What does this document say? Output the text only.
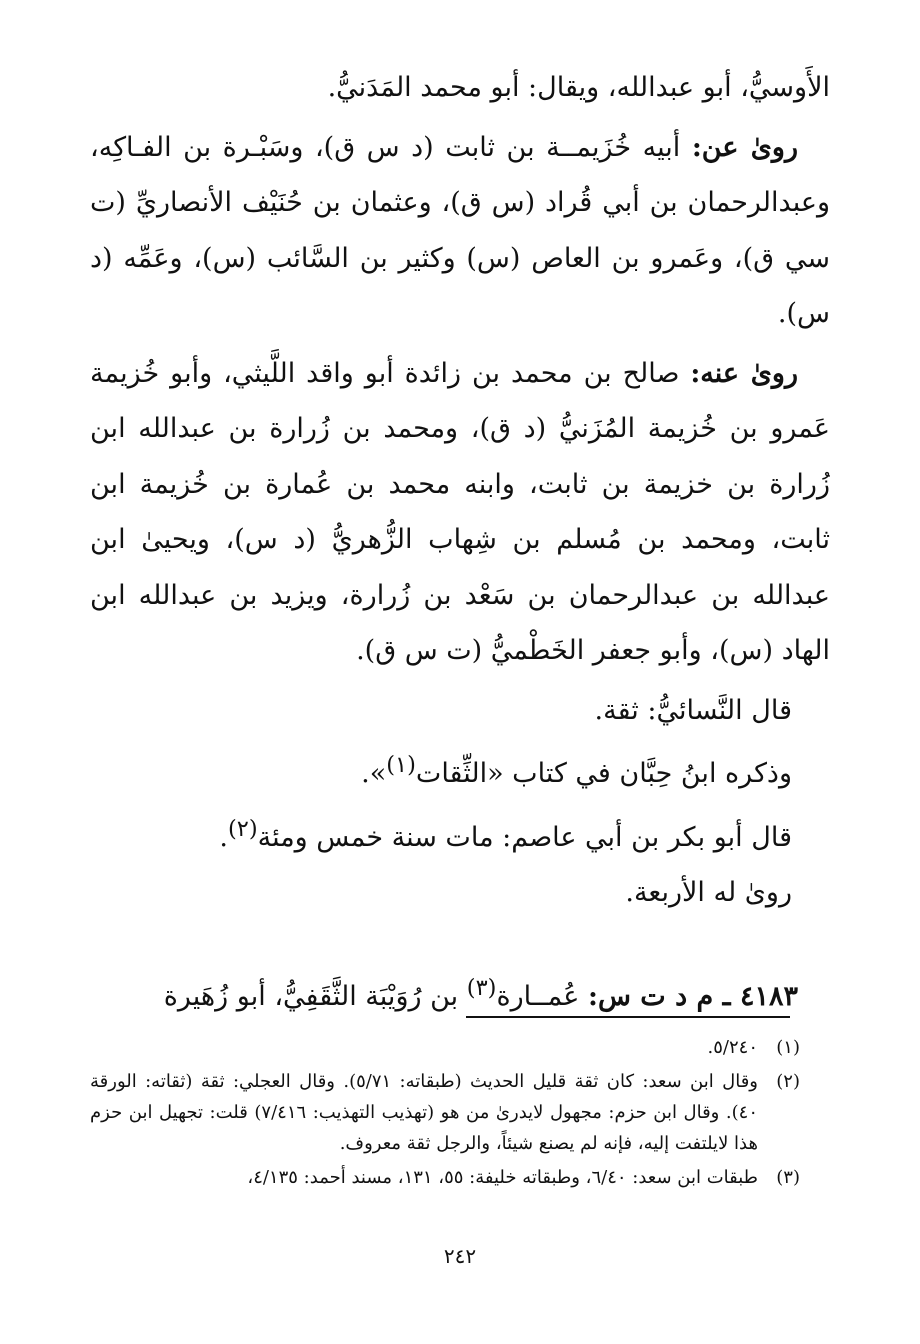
الأَوسيُّ، أبو عبدالله، ويقال: أبو محمد المَدَنيُّ.

روىٰ عن: أبيه خُزَيمــة بن ثابت (د س ق)، وسَبْـرة بن الفـاكِه، وعبدالرحمان بن أبي قُراد (س ق)، وعثمان بن حُنَيْف الأنصاريِّ (ت سي ق)، وعَمرو بن العاص (س) وكثير بن السَّائب (س)، وعَمِّه (د س).

روىٰ عنه: صالح بن محمد بن زائدة أبو واقد اللَّيثي، وأبو خُزيمة عَمرو بن خُزيمة المُزَنيُّ (د ق)، ومحمد بن زُرارة بن عبدالله ابن زُرارة بن خزيمة بن ثابت، وابنه محمد بن عُمارة بن خُزيمة ابن ثابت، ومحمد بن مُسلم بن شِهاب الزُّهريُّ (د س)، ويحيىٰ ابن عبدالله بن عبدالرحمان بن سَعْد بن زُرارة، ويزيد بن عبدالله ابن الهاد (س)، وأبو جعفر الخَطْميُّ (ت س ق).

قال النَّسائيُّ: ثقة.

وذكره ابنُ حِبَّان في كتاب «الثِّقات$^{(١)}$».

قال أبو بكر بن أبي عاصم: مات سنة خمس ومئة$^{(٢)}$.

روىٰ له الأربعة.

٤١٨٣ ـ م د ت س: عُمــارة$^{(٣)}$ بن رُوَيْبَة الثَّقَفِيُّ، أبو زُهَيرة

(١)
٥/٢٤٠.

(٢)
وقال ابن سعد: كان ثقة قليل الحديث (طبقاته: ٥/٧١). وقال العجلي: ثقة (ثقاته: الورقة ٤٠). وقال ابن حزم: مجهول لايدرىٰ من هو (تهذيب التهذيب: ٧/٤١٦) قلت: تجهيل ابن حزم هذا لايلتفت إليه، فإنه لم يصنع شيئاً، والرجل ثقة معروف.

(٣)
طبقات ابن سعد: ٦/٤٠، وطبقاته خليفة: ٥٥، ١٣١، مسند أحمد: ٤/١٣٥،

٢٤٢
